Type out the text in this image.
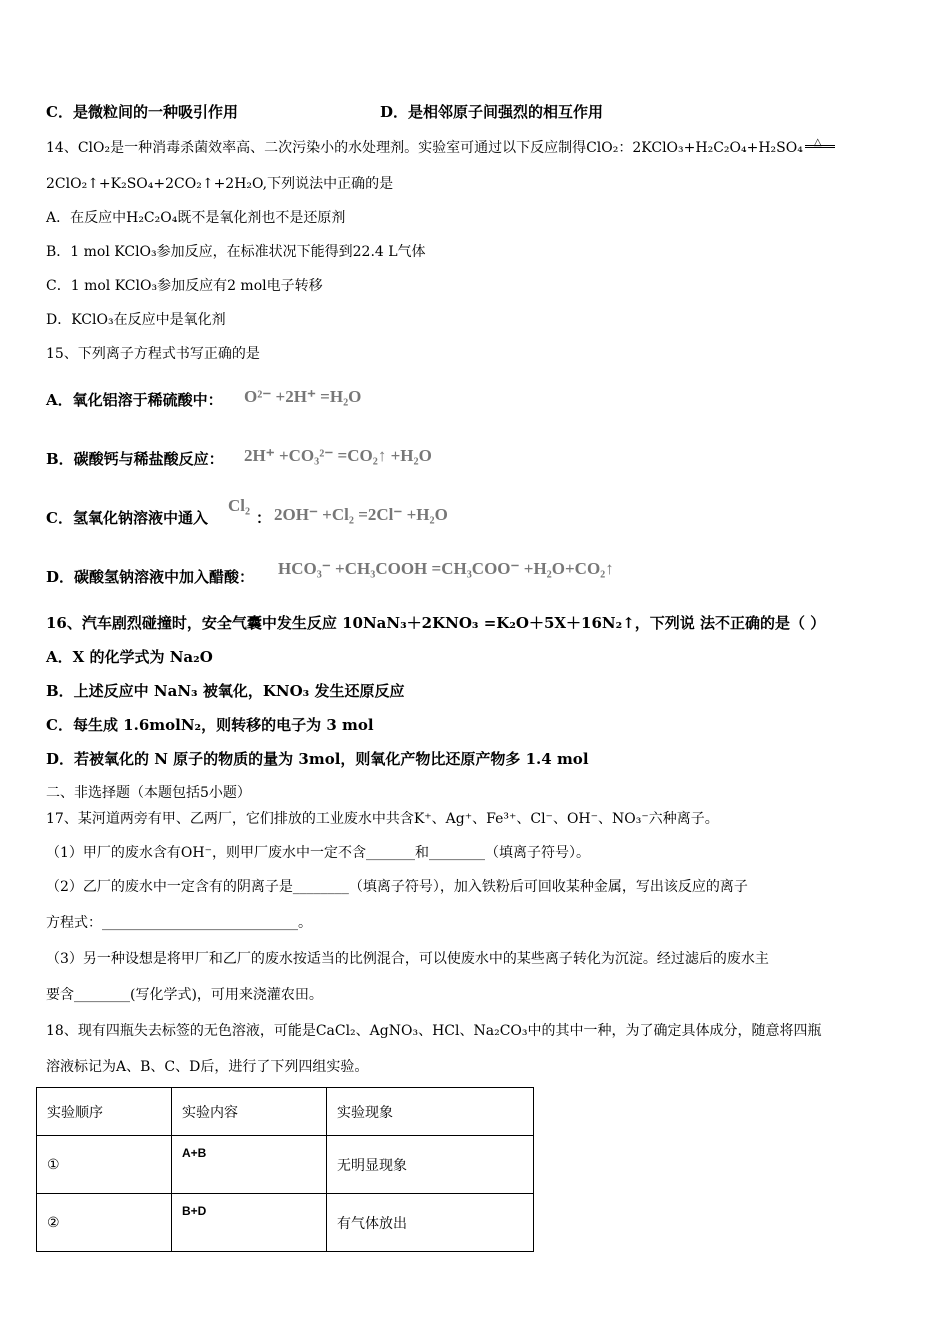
C．是微粒间的一种吸引作用	D．是相邻原子间强烈的相互作用
14、ClO₂是一种消毒杀菌效率高、二次污染小的水处理剂。实验室可通过以下反应制得ClO₂：2KClO₃+H₂C₂O₄+H₂SO₄ △
2ClO₂↑+K₂SO₄+2CO₂↑+2H₂O,下列说法中正确的是
A．在反应中H₂C₂O₄既不是氧化剂也不是还原剂
B．1 mol KClO₃参加反应，在标准状况下能得到22.4 L气体
C．1 mol KClO₃参加反应有2 mol电子转移
D．KClO₃在反应中是氧化剂
15、下列离子方程式书写正确的是
A．氧化铝溶于稀硫酸中： O²⁻ +2H⁺ =H₂O
B．碳酸钙与稀盐酸反应： 2H⁺ +CO₃²⁻ =CO₂↑ +H₂O
C．氢氧化钠溶液中通入
Cl₂
： 2OH⁻ +Cl₂ =2Cl⁻ +H₂O
D．碳酸氢钠溶液中加入醋酸： HCO₃⁻ +CH₃COOH =CH₃COO⁻ +H₂O+CO₂↑
16、汽车剧烈碰撞时，安全气囊中发生反应 10NaN₃＋2KNO₃ =K₂O＋5X＋16N₂↑，下列说 法不正确的是（ ）
A．X 的化学式为 Na₂O
B．上述反应中 NaN₃ 被氧化，KNO₃ 发生还原反应
C．每生成 1.6molN₂，则转移的电子为 3 mol
D．若被氧化的 N 原子的物质的量为 3mol，则氧化产物比还原产物多 1.4 mol
二、非选择题（本题包括5小题）
17、某河道两旁有甲、乙两厂，它们排放的工业废水中共含K⁺、Ag⁺、Fe³⁺、Cl⁻、OH⁻、NO₃⁻六种离子。
（1）甲厂的废水含有OH⁻，则甲厂废水中一定不含_______和________（填离子符号）。
（2）乙厂的废水中一定含有的阴离子是________（填离子符号），加入铁粉后可回收某种金属，写出该反应的离子
方程式：____________________________。
（3）另一种设想是将甲厂和乙厂的废水按适当的比例混合，可以使废水中的某些离子转化为沉淀。经过滤后的废水主
要含________(写化学式)，可用来浇灌农田。
18、现有四瓶失去标签的无色溶液，可能是CaCl₂、AgNO₃、HCl、Na₂CO₃中的其中一种，为了确定具体成分，随意将四瓶
溶液标记为A、B、C、D后，进行了下列四组实验。
实验顺序	实验内容	实验现象
①	A+B	无明显现象
②	B+D	有气体放出
